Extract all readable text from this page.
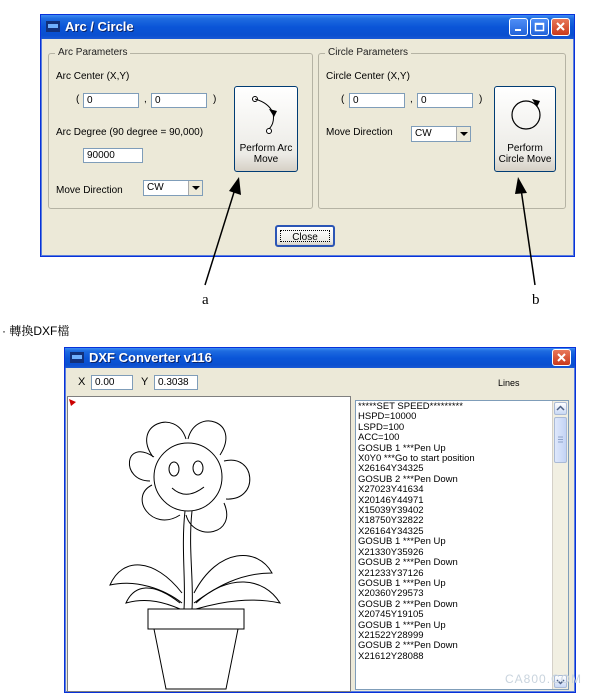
Arc / Circle
Arc Parameters
Arc Center (X,Y)
( 0	, 0	)
Arc Degree (90 degree = 90,000)
90000
Move Direction	CW
Perform Arc
Move
Circle Parameters
Circle Center (X,Y)
( 0	, 0	)
Move Direction	CW
Perform
Circle Move
Close
a	b
· 轉換DXF檔
DXF Converter v116
X 0.00	Y 0.3038	Lines
*****SET SPEED*********
HSPD=10000
LSPD=100
ACC=100
GOSUB 1 ***Pen Up
X0Y0 ***Go to start position
X26164Y34325
GOSUB 2 ***Pen Down
X27023Y41634
X20146Y44971
X15039Y39402
X18750Y32822
X26164Y34325
GOSUB 1 ***Pen Up
X21330Y35926
GOSUB 2 ***Pen Down
X21233Y37126
GOSUB 1 ***Pen Up
X20360Y29573
GOSUB 2 ***Pen Down
X20745Y19105
GOSUB 1 ***Pen Up
X21522Y28999
GOSUB 2 ***Pen Down
X21612Y28088
CA800.COM
